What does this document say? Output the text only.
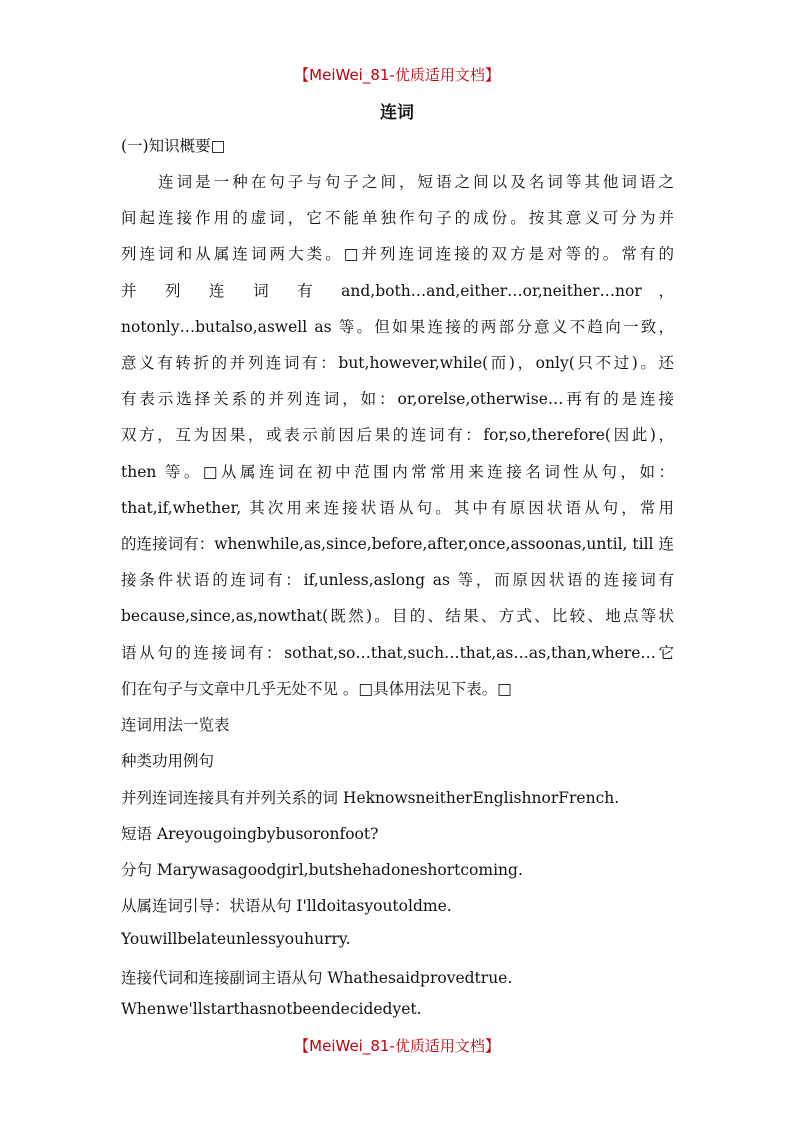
【MeiWei_81-优质适用文档】
连词
(一)知识概要□
　　连词是一种在句子与句子之间，短语之间以及名词等其他词语之
间起连接作用的虚词，它不能单独作句子的成份。按其意义可分为并
列连词和从属连词两大类。□并列连词连接的双方是对等的。常有的
并 列 连 词 有 and,both…and,either…or,neither…nor ，
notonly…butalso,aswell as 等。但如果连接的两部分意义不趋向一致，
意义有转折的并列连词有：but,however,while(而)，only(只不过)。还
有表示选择关系的并列连词，如：or,orelse,otherwise…再有的是连接
双方，互为因果，或表示前因后果的连词有：for,so,therefore(因此)，
then 等。□从属连词在初中范围内常常用来连接名词性从句，如：
that,if,whether, 其次用来连接状语从句。其中有原因状语从句，常用
的连接词有：whenwhile,as,since,before,after,once,assoonas,until, till 连
接条件状语的连词有：if,unless,aslong as 等，而原因状语的连接词有
because,since,as,nowthat(既然)。目的、结果、方式、比较、地点等状
语从句的连接词有：sothat,so…that,such…that,as…as,than,where…它
们在句子与文章中几乎无处不见 。□具体用法见下表。□
连词用法一览表
种类功用例句
并列连词连接具有并列关系的词 HeknowsneitherEnglishnorFrench.
短语 Areyougoingbybusoronfoot?
分句 Marywasagoodgirl,butshehadoneshortcoming.
从属连词引导：状语从句 I'lldoitasyoutoldme.
Youwillbelateunlessyouhurry.
连接代词和连接副词主语从句 Whathesaidprovedtrue.
Whenwe'llstarthasnotbeendecidedyet.
【MeiWei_81-优质适用文档】
